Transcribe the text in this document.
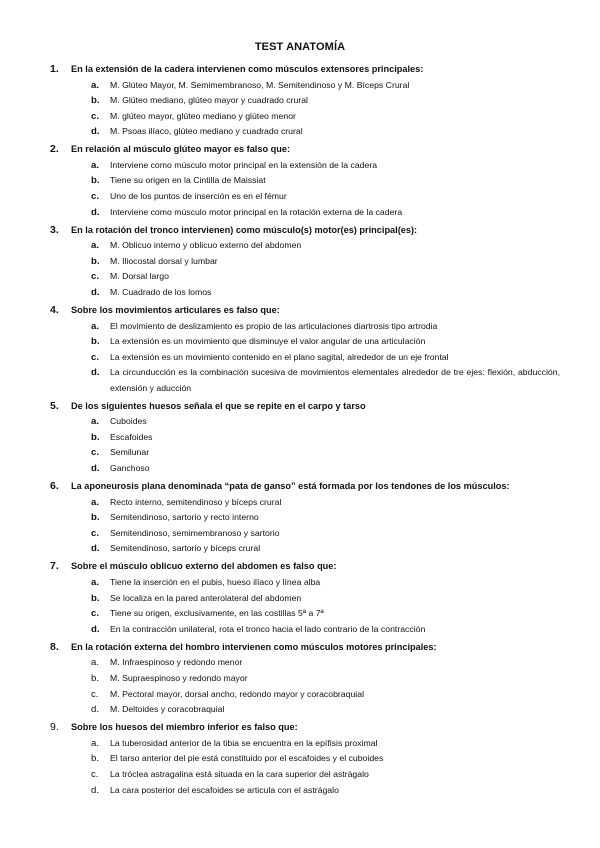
TEST ANATOMÍA
1.	En la extensión de la cadera intervienen como músculos extensores principales:
a.	M. Glúteo Mayor, M. Semimembranoso, M. Semitendinoso y M. Bíceps Crural
b.	M. Glúteo mediano, glúteo mayor y cuadrado crural
c.	M. glúteo mayor, glúteo mediano y glúteo menor
d.	M. Psoas ilíaco, glúteo mediano y cuadrado crural
2.	En relación al músculo glúteo mayor es falso que:
a.	Interviene como músculo motor principal en la extensión de la cadera
b.	Tiene su origen en la Cintilla de Maissiat
c.	Uno de los puntos de inserción es en el fémur
d.	Interviene como músculo motor principal en la rotación externa de la cadera
3.	En la rotación del tronco intervienen) como músculo(s) motor(es) principal(es):
a.	M. Oblicuo interno y oblicuo externo del abdomen
b.	M. Iliocostal dorsal y lumbar
c.	M. Dorsal largo
d.	M. Cuadrado de los lomos
4.	Sobre los movimientos articulares es falso que:
a.	El movimiento de deslizamiento es propio de las articulaciones diartrosis tipo artrodia
b.	La extensión es un movimiento que disminuye el valor angular de una articulación
c.	La extensión es un movimiento contenido en el plano sagital, alrededor de un eje frontal
d.	La circunducción es la combinación sucesiva de movimientos elementales alrededor de tre ejes: flexión, abducción, extensión y aducción
5.	De los siguientes huesos señala el que se repite en el carpo y tarso
a.	Cuboides
b.	Escafoides
c.	Semilunar
d.	Ganchoso
6.	La aponeurosis plana denominada “pata de ganso” está formada por los tendones de los músculos:
a.	Recto interno, semitendinoso y bíceps crural
b.	Semitendinoso, sartorio y recto interno
c.	Semitendinoso, semimembranoso y sartorio
d.	Semitendinoso, sartorio y bíceps crural
7.	Sobre el músculo oblicuo externo del abdomen es falso que:
a.	Tiene la inserción en el pubis, hueso ilíaco y línea alba
b.	Se localiza en la pared anterolateral del abdomen
c.	Tiene su origen, exclusivamente, en las costillas 5ª a 7ª
d.	En la contracción unilateral, rota el tronco hacia el lado contrario de la contracción
8.	En la rotación externa del hombro intervienen como músculos motores principales:
a.	M. Infraespinoso y redondo menor
b.	M. Supraespinoso y redondo mayor
c.	M. Pectoral mayor, dorsal ancho, redondo mayor y coracobraquial
d.	M. Deltoides y coracobraquial
9.	Sobre los huesos del miembro inferior es falso que:
a.	La tuberosidad anterior de la tibia se encuentra en la epífisis proximal
b.	El tarso anterior del pie está constituido por el escafoides y el cuboides
c.	La tróclea astragalina está situada en la cara superior del astrágalo
d.	La cara posterior del escafoides se articula con el astrágalo
